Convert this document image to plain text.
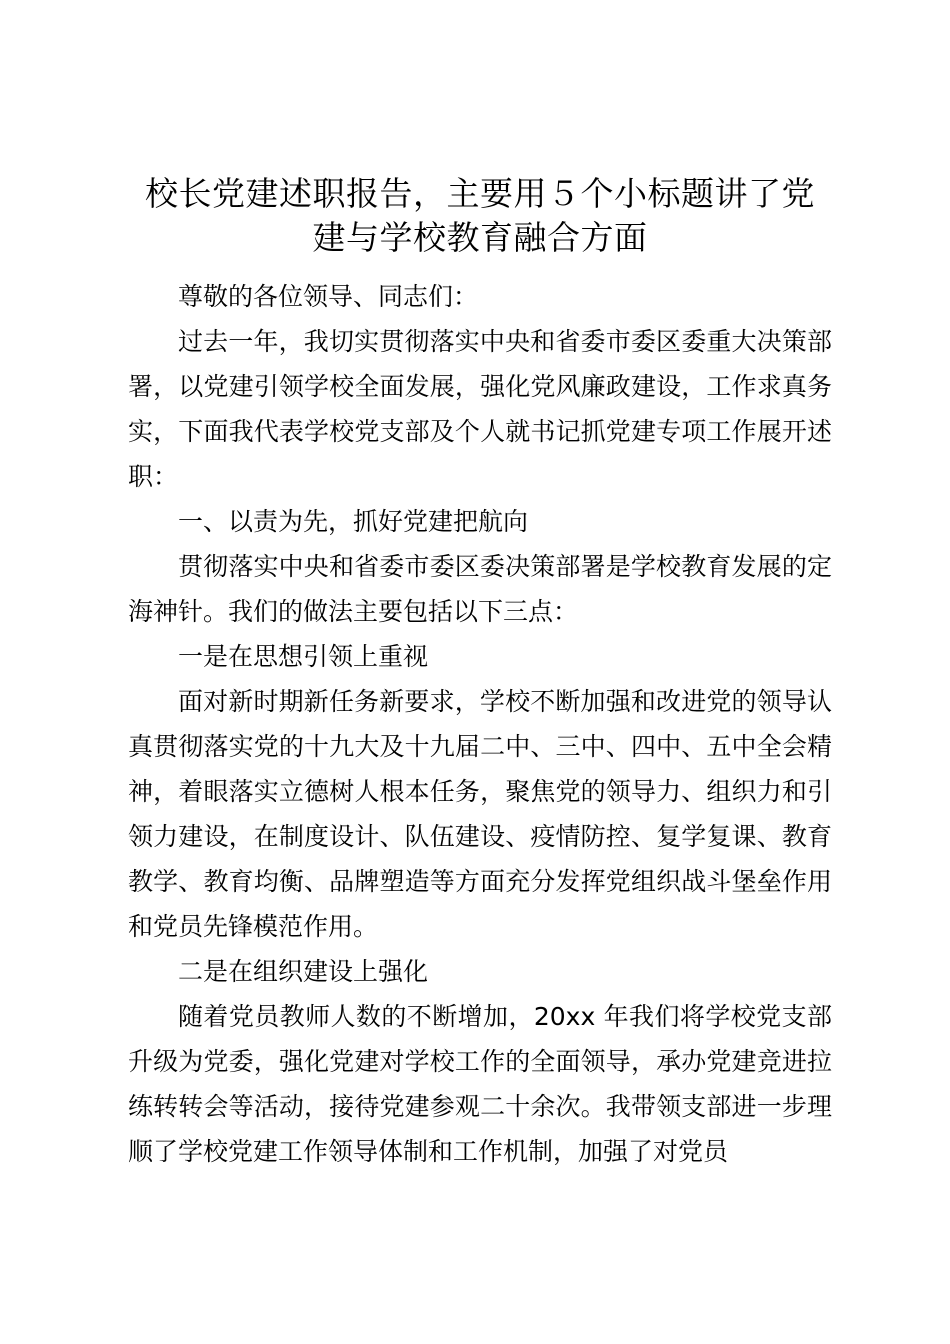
校长党建述职报告，主要用５个小标题讲了党
建与学校教育融合方面

尊敬的各位领导、同志们：

过去一年，我切实贯彻落实中央和省委市委区委重大决策部署，以党建引领学校全面发展，强化党风廉政建设，工作求真务实，下面我代表学校党支部及个人就书记抓党建专项工作展开述职：

一、以责为先，抓好党建把航向

贯彻落实中央和省委市委区委决策部署是学校教育发展的定海神针。我们的做法主要包括以下三点：

一是在思想引领上重视

面对新时期新任务新要求，学校不断加强和改进党的领导认真贯彻落实党的十九大及十九届二中、三中、四中、五中全会精神，着眼落实立德树人根本任务，聚焦党的领导力、组织力和引领力建设，在制度设计、队伍建设、疫情防控、复学复课、教育教学、教育均衡、品牌塑造等方面充分发挥党组织战斗堡垒作用和党员先锋模范作用。

二是在组织建设上强化

随着党员教师人数的不断增加，20xx 年我们将学校党支部升级为党委，强化党建对学校工作的全面领导，承办党建竞进拉练转转会等活动，接待党建参观二十余次。我带领支部进一步理顺了学校党建工作领导体制和工作机制，加强了对党员
